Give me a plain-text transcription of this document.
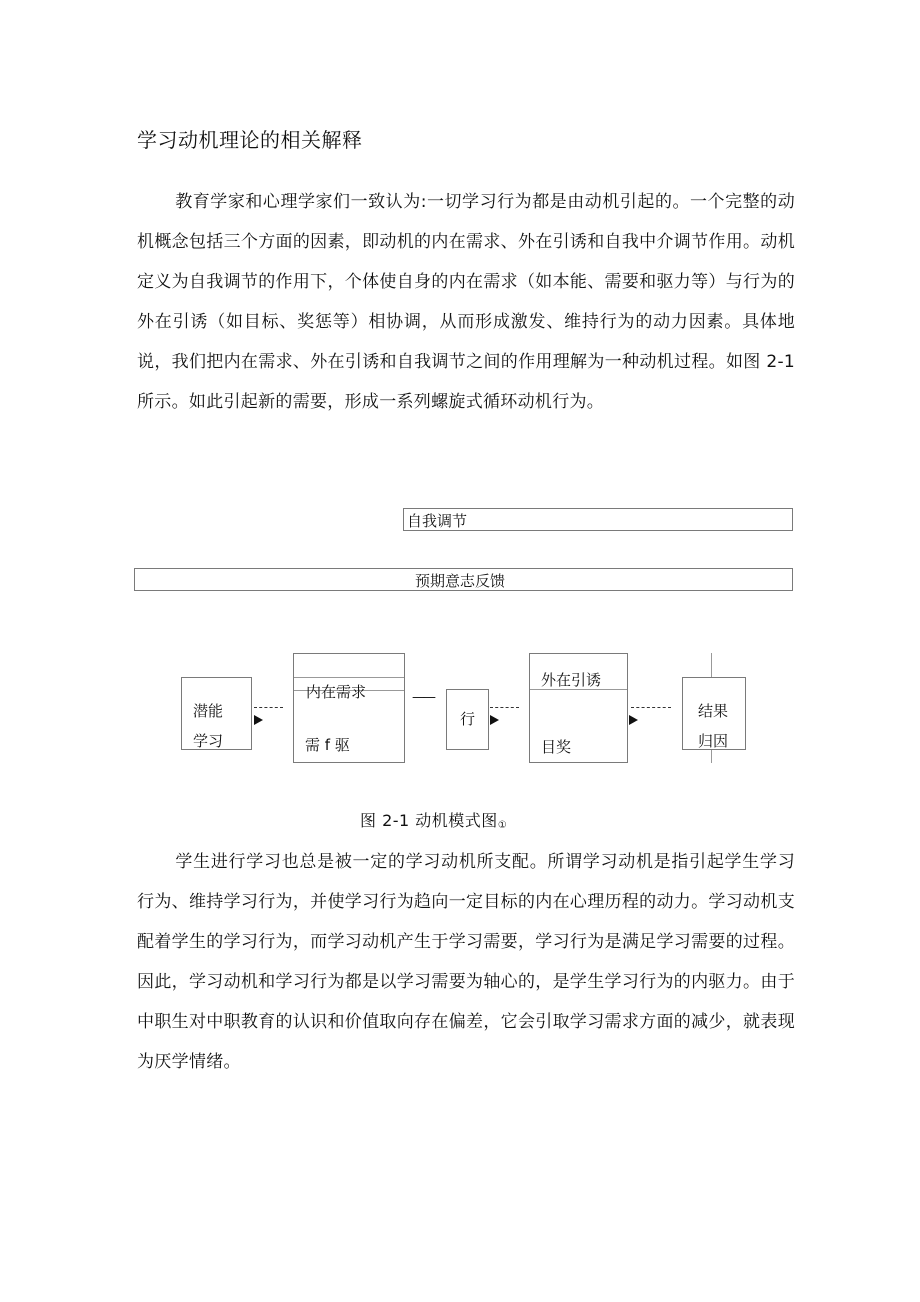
学习动机理论的相关解释
教育学家和心理学家们一致认为:一切学习行为都是由动机引起的。一个完整的动机概念包括三个方面的因素，即动机的内在需求、外在引诱和自我中介调节作用。动机定义为自我调节的作用下，个体使自身的内在需求（如本能、需要和驱力等）与行为的外在引诱（如目标、奖惩等）相协调，从而形成激发、维持行为的动力因素。具体地说，我们把内在需求、外在引诱和自我调节之间的作用理解为一种动机过程。如图 2-1 所示。如此引起新的需要，形成一系列螺旋式循环动机行为。
自我调节
预期意志反馈
潜能
学习
内在需求
需 f 驱
——
行
外在引诱
目奖
结果
归因
图 2-1 动机模式图①
学生进行学习也总是被一定的学习动机所支配。所谓学习动机是指引起学生学习行为、维持学习行为，并使学习行为趋向一定目标的内在心理历程的动力。学习动机支配着学生的学习行为，而学习动机产生于学习需要，学习行为是满足学习需要的过程。因此，学习动机和学习行为都是以学习需要为轴心的，是学生学习行为的内驱力。由于中职生对中职教育的认识和价值取向存在偏差，它会引取学习需求方面的减少，就表现为厌学情绪。
